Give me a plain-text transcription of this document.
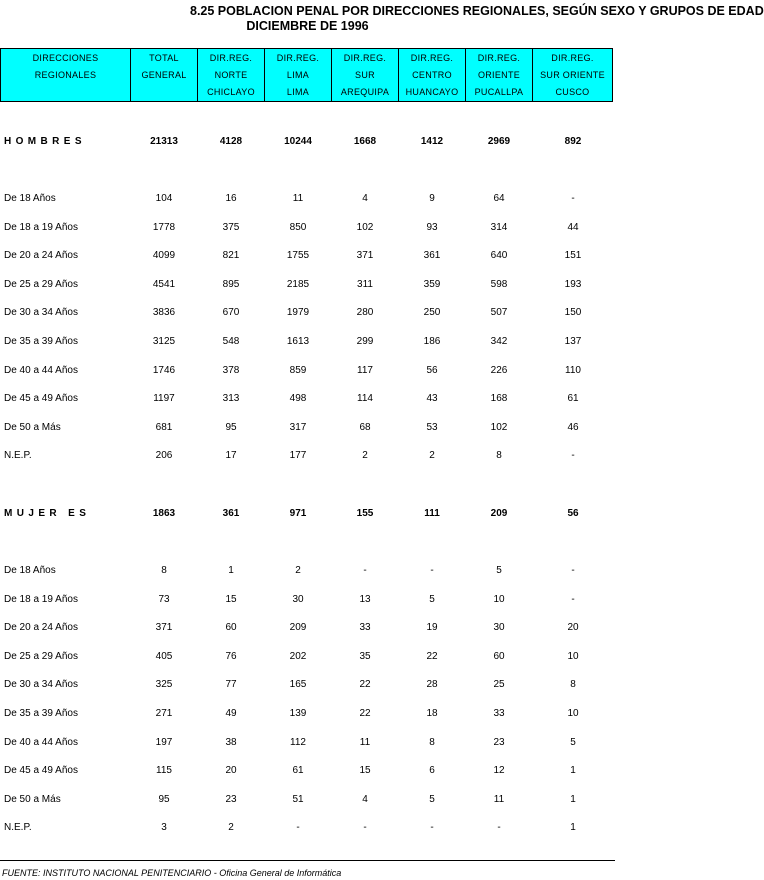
8.25 POBLACION PENAL POR DIRECCIONES REGIONALES, SEGÚN SEXO Y GRUPOS DE EDAD
DICIEMBRE DE 1996
DIRECCIONES
REGIONALES

TOTAL
GENERAL

DIR.REG.
NORTE
CHICLAYO

DIR.REG.
LIMA
LIMA

DIR.REG.
SUR
AREQUIPA

DIR.REG.
CENTRO
HUANCAYO

DIR.REG.
ORIENTE
PUCALLPA

DIR.REG.
SUR ORIENTE
CUSCO
HOMBRES	21313	4128	10244	1668	1412	2969	892
De 18 Años	104	16	11	4	9	64	-
De 18 a 19 Años	1778	375	850	102	93	314	44
De 20 a 24 Años	4099	821	1755	371	361	640	151
De 25 a 29 Años	4541	895	2185	311	359	598	193
De 30 a 34 Años	3836	670	1979	280	250	507	150
De 35 a 39 Años	3125	548	1613	299	186	342	137
De 40 a 44 Años	1746	378	859	117	56	226	110
De 45 a 49 Años	1197	313	498	114	43	168	61
De 50 a Más	681	95	317	68	53	102	46
N.E.P.	206	17	177	2	2	8	-
MUJER ES	1863	361	971	155	111	209	56
De 18 Años	8	1	2	-	-	5	-
De 18 a 19 Años	73	15	30	13	5	10	-
De 20 a 24 Años	371	60	209	33	19	30	20
De 25 a 29 Años	405	76	202	35	22	60	10
De 30 a 34 Años	325	77	165	22	28	25	8
De 35 a 39 Años	271	49	139	22	18	33	10
De 40 a 44 Años	197	38	112	11	8	23	5
De 45 a 49 Años	115	20	61	15	6	12	1
De 50 a Más	95	23	51	4	5	11	1
N.E.P.	3	2	-	-	-	-	1
FUENTE: INSTITUTO NACIONAL PENITENCIARIO - Oficina General de Informática
